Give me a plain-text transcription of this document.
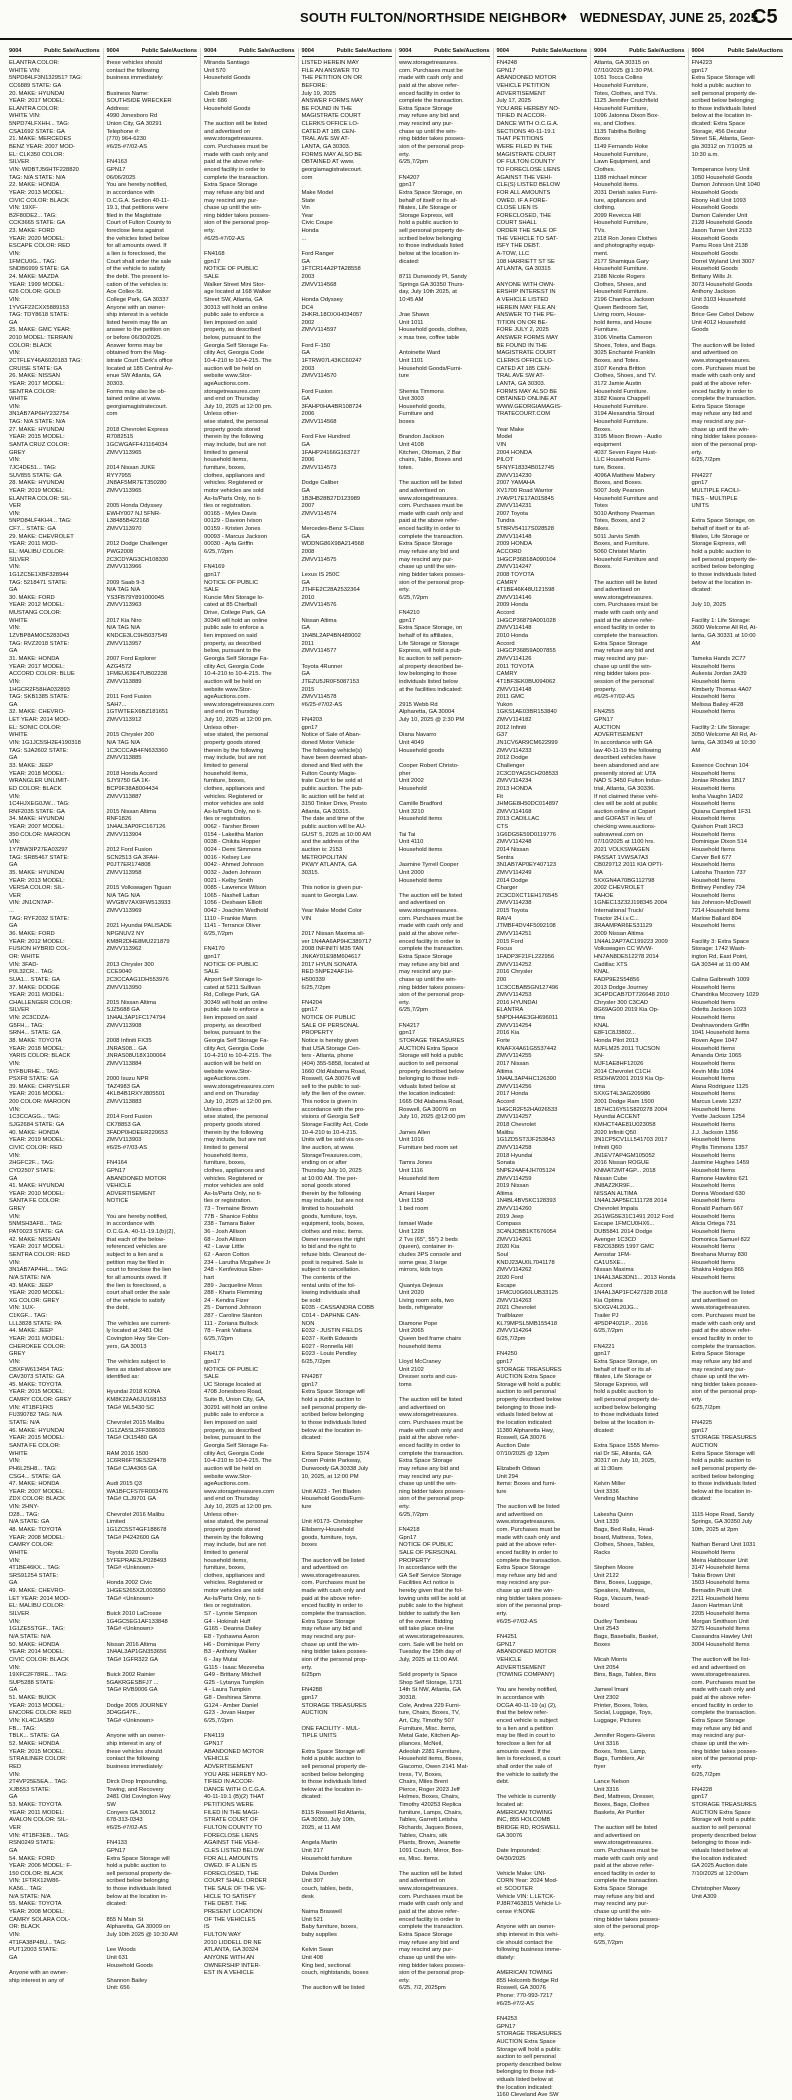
SOUTH FULTON/NORTHSIDE NEIGHBOR ♦ WEDNESDAY, JUNE 25, 2025
C5
9004	Public Sale/Auctions
ELANTRA COLOR:
WHITE VIN:
5NPD84LF3N132951? TAG:
CC6889 STATE: GA
20. MAKE: HYUNDAI
YEAR: 2017 MODEL:
ELANTRA COLOR:
WHITE VIN:
5NPD74LFXHH... TAG:
CSA1692 STATE: GA
21. MAKE: MERCEDES
BENZ YEAR: 2007 MOD-
EL: CLK350 COLOR:
SILVER
VIN: WDBTJ56HTF228820
TAG: N/A STATE: N/A
22. MAKE: HONDA
YEAR: 2013 MODEL:
CIVIC COLOR: BLACK
VIN: 19XF-
B2F80DE2... TAG:
CCK3665 STATE: GA
23. MAKE: FORD
YEAR: 2020 MODEL:
ESCAPE COLOR: RED
VIN:
1FMCU0G... TAG:
SNDB6999 STATE: GA
24. MAKE: MAZDA
YEAR: 1999 MODEL:
626 COLOR: GOLD
VIN:
1YVGF22CXX5889153
TAG: TDY8618 STATE:
GA
25. MAKE: GMC YEAR:
2010 MODEL: TERRAIN
COLOR: BLACK
VIN:
2CTFLEY46A6020183 TAG:
CRUISE STATE: GA
26. MAKE: NISSAN
YEAR: 2017 MODEL:
SENTRA COLOR:
WHITE
VIN:
3N1AB7AP6HY232754
TAG: N/A STATE: N/A
27. MAKE: HYUNDAI
YEAR: 2015 MODEL:
SANTA CRUZ COLOR:
GREY
VIN:
7JC4DE51... TAG:
SUV855 STATE: GA
28. MAKE: HYUNDAI
YEAR: 2019 MODEL:
ELANTRA COLOR: SIL-
VER
VIN:
5NPD84LF4KH4... TAG:
CF7... STATE: GA
29. MAKE: CHEVROLET
YEAR: 2011 MOD-
EL: MALIBU COLOR:
SILVER
VIN:
1G1ZC5E1XBF328944
TAG: 5218471 STATE:
GA
30. MAKE: FORD
YEAR: 2012 MODEL:
MUSTANG COLOR:
WHITE
VIN:
1ZVBP8AM0C5283043
TAG: RVZ2018 STATE:
GA
31. MAKE: HONDA
YEAR: 2017 MODEL:
ACCORD COLOR: BLUE
VIN:
1HGCR2F58HA032893
TAG: SKB1385 STATE:
GA
32. MAKE: CHEVRO-
LET YEAR: 2014 MOD-
EL: SONIC COLOR:
WHITE
VIN: 1G1JC5SH2E4190318
TAG: SJA2602 STATE:
GA
33. MAKE: JEEP
YEAR: 2018 MODEL:
WRANGLER UNLIMIT-
ED COLOR: BLACK
VIN:
1C4HJXEG0JW... TAG:
RNF2035 STATE: GA
34. MAKE: HYUNDAI
YEAR: 2007 MODEL:
350 COLOR: MAROON
VIN:
1Y7BW3IP27EA03297
TAG: SR85467 STATE:
GA
35. MAKE: HYUNDAI
YEAR: 2013 MODEL:
VERSA COLOR: SIL-
VER
VIN: JN1CN7AP-
...
TAG: RYF2032 STATE:
GA
36. MAKE: FORD
YEAR: 2012 MODEL:
FUSION HYBRID COL-
OR: WHITE
VIN: 3FAD-
P0L32CR... TAG:
SUA1... STATE: GA
37. MAKE: DODGE
YEAR: 2011 MODEL:
CHALLENGER COLOR:
SILVER
VIN: 2C3CDZA-
G5FH... TAG:
SRN4... STATE: GA
38. MAKE: TOYOTA
YEAR: 2018 MODEL:
YARIS COLOR: BLACK
VIN:
5YFBURHE... TAG:
PSXF8 STATE: GA
39. MAKE: CHRYSLER
YEAR: 2016 MODEL:
200 COLOR: MAROON
VIN:
1C3CCAGG... TAG:
SJG2684 STATE: GA
40. MAKE: HONDA
YEAR: 2019 MODEL:
CIVIC COLOR: RED
VIN:
2HGFC2F... TAG:
CYD2507 STATE:
GA
41. MAKE: HYUNDAI
YEAR: 2010 MODEL:
SANTA FE COLOR:
GREY
VIN:
5NMSH3AF8... TAG:
PAT0023 STATE: GA
42. MAKE: NISSAN
YEAR: 2017 MODEL:
SENTRA COLOR: RED
VIN:
3N1AB7AP4HL... TAG:
N/A STATE: N/A
43. MAKE: JEEP
YEAR: 2020 MODEL:
XG COLOR: GREY
VIN: 1UX-
C1KGF... TAG:
LLL3828 STATE: PA
44. MAKE: JEEP
YEAR: 2011 MODEL:
CHEROKEE COLOR:
GREY
VIN:
CBXFW613454 TAG:
CAV3073 STATE: GA
45. MAKE: TOYOTA
YEAR: 2015 MODEL:
CAMRY COLOR: GREY
VIN: 4T1BF1FK5
FU390782 TAG: N/A
STATE: N/A
46. MAKE: HYUNDAI
YEAR: 2015 MODEL:
SANTA FE COLOR:
WHITE
VIN:
PH6L25H8... TAG:
CSG4... STATE: GA
47. MAKE: HONDA
YEAR: 2007 MODEL:
ZDX COLOR: BLACK
VIN: 2HNY-
D28... TAG:
N/A STATE: GA
48. MAKE: TOYOTA
YEAR: 2008 MODEL:
CAMRY COLOR:
WHITE
VIN:
4T1BE46KX... TAG:
SRS91254 STATE:
GA
49. MAKE: CHEVRO-
LET YEAR: 2014 MOD-
EL: MALIBU COLOR:
SILVER
VIN:
1G1ZE5STGF... TAG:
N/A STATE: N/A
50. MAKE: HONDA
YEAR: 2014 MODEL:
CIVIC COLOR: BLACK
VIN:
19XFC2F78RE... TAG:
SUP5288 STATE:
GA
51. MAKE: BUICK
YEAR: 2013 MODEL:
ENCORE COLOR: RED
VIN: KL4CJASB9
FB... TAG:
TBLK... STATE: GA
52. MAKE: HONDA
YEAR: 2015 MODEL:
STRAILINER COLOR:
RED
VIN:
2T4VP25E5EA... TAG:
XJB553 STATE:
GA
53. MAKE: TOYOTA
YEAR: 2011 MODEL:
AVALON COLOR: SIL-
VER
VIN: 4T1BF3EB... TAG:
RSN0249 STATE:
GA
54. MAKE: FORD
YEAR: 2006 MODEL: F-
150 COLOR: BLACK
VIN: 1FTRX12W86-
KA56... TAG:
N/A STATE: N/A
55. MAKE: TOYOTA
YEAR: 2008 MODEL:
CAMRY SOLARA COL-
OR: BLACK
VIN:
4T1FA38P48U... TAG:
PUT12003 STATE:
GA

Anyone with an owner-
ship interest in any of
9004	Public Sale/Auctions
these vehicles should
contact the following
business immediately:

Business Name:
SOUTHSIDE WRECKER
Address:
4990 Jonesboro Rd
Union City, GA 30291
Telephone #:
(770) 964-6230
#6/25-#7/02-AS

FN4163
GPN17
06/06/2025
You are hereby notified,
in accordance with
O.C.G.A. Section 40-11-
19.1, that petitions were
filed in the Magistrate
Court of Fulton County to
foreclose liens against
the vehicles listed below
for all amounts owed. If
a lien is foreclosed, the
Court shall order the sale
of the vehicle to satisfy
the debt. The present lo-
cation of the vehicles is:
Ace Collex-St.
College Park, GA 30337
Anyone with an owner-
ship interest in a vehicle
listed herein may file an
answer to the petition on
or before 06/30/2025.
Answer forms may be
obtained from the Mag-
istrate Court Clerk's office
located at 185 Central Av-
enue SW Atlanta, GA
30303.
Forms may also be ob-
tained online at www.
georgiamagistratecourt.
com

2018 Chevrolet Express
R7082515
1GCWGAFF4J1164034
ZMVV113965

2014 Nissan JUKE
RYY7955
JN8AF5MR7ET350280
ZMVV113965

2005 Honda Odyssey
EWHY007 NJ 5FNR-
L38485B422168
ZMVV113970

2012 Dodge Challenger
PWG2008
2C3CDYAG3CH108330
ZMVV113966

2009 Saab 9-3
N/A TAG N/A
YS3FB79Y891000045
ZMVV113963

2017 Kia Niro
N/A TAG N/A
KNDCE3LC9H5037549
ZMVV113957

2007 Ford Explorer
AZG4572
1FMEU63E47UB02238
ZMVV113889

2011 Ford Fusion
SAH7...
1GTWTEEX6BZ181651
ZMVV113912

2015 Chrysler 200
N/A TAG N/A
1C3CCCAB4FN633360
ZMVV113885

2018 Honda Accord
SJY9750 GA 1K-
BCP9F38A8004434
ZMVV113887

2015 Nissan Altima
RNF1826
1N4AL3AP0FC167126
ZMVV113904

2012 Ford Fusion
SCN2513 GA 3FAH-
P0JT7ER174808
ZMVV113958

2015 Volkswagen Tiguan
N/A TAG N/A
WVGBV7AX9FW513933
ZMVV113969

2021 Hyundai PALISADE
NPGNUV2 NY
KM8R2DHE8MU221879
ZMVV113962

2013 Chrysler 300
CCE9040
2C3CCAAG1DH553976
ZMVV113950

2015 Nissan Altima
SJZ5688 GA
1N4AL3AP1FC174794
ZMVV113908

2008 Infiniti FX35
JNRAS08... GA
JNRAS08U18X100064
ZMVV113884

2000 Isuzu NPR
TAZ4983 GA
4KLB4B1RXYJ805501
ZMVV113883

2014 Ford Fusion
CK78853 GA
3FADP0HDEER220653
ZMVV113903
#6/25-#7/03-AS

FN4164
GPN17
ABANDONED MOTOR
VEHICLE
ADVERTISEMENT
NOTICE

You are hereby notified,
in accordance with
O.C.G.A. 40-11-19.1(b)(2),
that each of the below-
referenced vehicles are
subject to a lien and a
petition may be filed in
court to foreclose the lien
for all amounts owed. If
the lien is foreclosed, a
court shall order the sale
of the vehicle to satisfy
the debt.

The vehicles are current-
ly located at 2481 Old
Covington Hwy Ste Con-
yers, GA 30013

The vehicles subject to
liens as stated above are
identified as:

Hyundai 2018 KONA
KM8K22AA6JU168153
TAG# WL5430 SC

Chevrolet 2015 Malibu
1G1ZA5SL2FF308603
TAG# CK15480 GA

RAM 2016 1500
1C6RR6FT9ES329478
TAG# CJA4365 GA

Audi 2015 Q3
WA1BFCFS7FR003476
TAG# CLJ9701 GA

Chevrolet 2016 Malibu
Limited
1G1ZC5ST4GF188678
TAG# P4242600 GA

Toyota 2020 Corolla
5YFEPRAE3LP028493
TAG# <Unknown>

Honda 2002 Civic
1HGES265X2L003950
TAG# <Unknown>

Buick 2010 LaCrosse
1G4GC5EG1AF133848
TAG# <Unknown>

Nissan 2016 Altima
1N4AL3AP1GN353656
TAG# 1GFR322 GA

Buick 2002 Rainier
5GAKRGESBFJ7 ...
TAG# RVB9006 GA

Dodge 2005 JOURNEY
3D4GG47F...
TAG# <Unknown>

Anyone with an owner-
ship interest in any of
these vehicles should
contact the following
business immediately:

Dirck Drop Impounding,
Towing, and Recovery
2481 Old Covington Hwy
SW
Conyers GA 30012
678-313-0343
#6/25-#7/02-AS

FN4133
GPN17
Extra Space Storage will
hold a public auction to
sell personal property de-
scribed below belonging
to those individuals listed
below at the location in-
dicated:

855 N Main St
Alpharetta, GA 30009 on
July 10th 2025 @ 10:30 AM

Lee Woods
Unit 631
Household Goods

Shannon Bailey
Unit: 656
9004	Public Sale/Auctions
Miranda Santiago
Unit 570
Household Goods

Caleb Brown
Unit: 686
Household Goods

The auction will be listed
and advertised on
www.storagetreasures.
com. Purchases must be
made with cash only and
paid at the above refer-
enced facility in order to
complete the transaction.
Extra Space Storage
may refuse any bid and
may rescind any pur-
chase up until the win-
ning bidder takes posses-
sion of the personal prop-
erty.
#6/25-#7/02-AS

FN4168
gpn17
NOTICE OF PUBLIC
SALE
Walker Street Mini Stor-
age located at 168 Walker
Street SW, Atlanta, GA
30313 will hold an online
public sale to enforce a
lien imposed on said
property, as described
below, pursuant to the
Georgia Self Storage Fa-
cility Act, Georgia Code
10-4-210 to 10-4-215. The
auction will be held on
website www.Stor-
ageAuctions.com.
storagetreasures.com
and end on Thursday
July 10, 2025 at 12:00 pm.
Unless other-
wise stated, the personal
property goods stored
therein by the following
may include, but are not
limited to general
household items,
furniture, boxes,
clothes, appliances and
vehicles. Registered or
motor vehicles are sold
As-Is/Parts Only, no ti-
tles or registration.
00165 - Myles Davis
00129 - Daveon Ivison
00159 - Kristen Jones
00093 - Marcus Jackson
00030 - Ayla Griffin
6/25,7/2pm

FN4169
gpn17
NOTICE OF PUBLIC
SALE
Kuncie Mini Storage lo-
cated at 85 Chiefball
Drive, College Park, GA
30349 will hold an online
public sale to enforce a
lien imposed on said
property, as described
below, pursuant to the
Georgia Self Storage Fa-
cility Act, Georgia Code
10-4-210 to 10-4-215. The
auction will be held on
website www.Stor-
ageAuctions.com.
www.storagetreasures.com
and end on Thursday
July 10, 2025 at 12:00 pm.
Unless other-
wise stated, the personal
property goods stored
therein by the following
may include, but are not
limited to general
household items,
furniture, boxes,
clothes, appliances and
vehicles. Registered or
motor vehicles are sold
As-Is/Parts Only, no ti-
tles or registration.
0062 - Tarsher Brown
0154 - Lakeitha Marion
0038 - Chikita Hopper
0024 - Demi Simmons
0016 - Kelsey Lee
0042 - Ahmed Johnson
0032 - Jaden Johnson
0021 - Kelby Smith
0085 - Lawrence Wilson
1065 - Nashell Lattan
1056 - Deshawn Elliott
0042 - Joachim Wedhold
1110 - Frankie Mann
1141 - Terrance Oliver
6/25,7/2pm

FN4170
gpn17
NOTICE OF PUBLIC
SALE
Airport Self Storage lo-
cated at 5211 Sullivan
Rd, College Park, GA
30349 will hold an online
public sale to enforce a
lien imposed on said
property, as described
below, pursuant to the
Georgia Self Storage Fa-
cility Act, Georgia Code
10-4-210 to 10-4-215. The
auction will be held on
website www.Stor-
ageAuctions.com.
www.storagetreasures.com
and end on Thursday
July 10, 2025 at 12:00 pm.
Unless other-
wise stated, the personal
property goods stored
therein by the following
may include, but are not
limited to general
household items,
furniture, boxes,
clothes, appliances and
vehicles. Registered or
motor vehicles are sold
As-Is/Parts Only, no ti-
tles or registration.
73 - Tremaine Brown
77B - Shanice Fobbs
238 - Tamara Baker
36 - Josh Allison
68 - Josh Allison
42 - Lavar Little
62 - Aaron Cotton
234 - Larutha Mcgahee Jr
248 - Kenfevious Eber-
hart
289 - Jacqueline Moss
288 - Kharis Flemming
24 - Kendra Fizer
25 - Damond Johnson
287 - Caroline Stanton
111 - Zoriana Bullock
78 - Frank Vattana
6/25,7/2pm

FN4171
gpn17
NOTICE OF PUBLIC
SALE
UC Storage located at
4708 Jonesboro Road,
Suite B, Union City, GA,
30291 will hold an online
public sale to enforce a
lien imposed on said
property, as described
below, pursuant to the
Georgia Self Storage Fa-
cility Act, Georgia Code
10-4-210 to 10-4-215. The
auction will be held on
website www.Stor-
ageAuctions.com.
www.storagetreasures.com
and end on Thursday
July 10, 2025 at 12:00 pm.
Unless other-
wise stated, the personal
property goods stored
therein by the following
may include, but are not
limited to general
household items,
furniture, boxes,
clothes, appliances and
vehicles. Registered or
motor vehicles are sold
As-Is/Parts Only, no ti-
tles or registration.
S7 - Lynnie Simpson
G4 - Hokinah Huff
G165 - Deanna Dailey
E8 - Tyshawna Aaron
H6 - Dominique Perry
B3 - Anthony Walker
6 - Jay Mutai
G115 - Isaac Mezereba
G49 - Brittany Mitchell
G25 - Lytanya Tumpkin
4 - Laura Tumpkin
G8 - Deshinea Simms
G124 - Amber Daniel
G23 - Jovan Harper
6/25,7/2pm

FN4119
GPN17
ABANDONED MOTOR
VEHICLE
ADVERTISEMENT
YOU ARE HEREBY NO-
TIFIED IN ACCOR-
DANCE WITH O.C.G.A.
40-11-19.1 (B)(2) THAT
PETITIONS WERE
FILED IN THE MAGI-
STRATE COURT OF
FULTON COUNTY TO
FORECLOSE LIENS
AGAINST THE VEHI-
CLES LISTED BELOW
FOR ALL AMOUNTS
OWED. IF A LIEN IS
FORECLOSED, THE
COURT SHALL ORDER
THE SALE OF THE VE-
HICLE TO SATISFY
THE DEBT. THE
PRESENT LOCATION
OF THE VEHICLES
IS
FULTON WAY
2010 LIDDELL DR NE
ATLANTA, GA 30324
ANYONE WITH AN
OWNERSHIP INTER-
EST IN A VEHICLE
9004	Public Sale/Auctions
LISTED HEREIN MAY
FILE AN ANSWER TO
THE PETITION ON OR
BEFORE:
July 19, 2025
ANSWER FORMS MAY
BE FOUND IN THE
MAGISTRATE COURT
CLERKS OFFICE LO-
CATED AT 185 CEN-
TRAL AVE SW AT-
LANTA, GA 30303.
FORMS MAY ALSO BE
OBTAINED AT www.
georgiamagistratecourt.
com

Make Model
State
Vin
Year
Civic Coupe
Honda
...

Ford Ranger
GA
1FTCR14A2PTA28558
2003
ZMVV114568

Honda Odyssey
DC4
2HKRL18OXXH034057
2002
ZMVV114597

Ford F-150
GA
1FTRW07L43KC60247
2003
ZMVV114570

Ford Fusion
GA
3FAHP0HA4BR108724
2006
ZMVV114568

Ford Five Hundred
GA
1FAHP24166G163727
2006
ZMVV114573

Dodge Caliber
GA
1B3HB28B27D123989
2007
ZMVV114574

Mercedes-Benz S-Class
GA
WDDNG86X98A214568
2008
ZMVV114575

Lexus IS 250C
GA
JTHFE2C28A2532364
2010
ZMVV114576

Nissan Altima
GA
1N4BL2AP4BN489002
2011
ZMVV114577

Toyota 4Runner
GA
JTEZU5JR0F5087153
2015
ZMVV114578
#6/25-#7/02-AS

FN4203
gpn17
Notice of Sale of Aban-
doned Motor Vehicle
The following vehicle(s)
have been deemed aban-
doned and filed with the
Fulton County Magis-
trate Court to be sold at
public auction. The pub-
lic auction will be held at
3150 Tinker Drive, Presto
Atlanta, GA 30315.
The date and time of the
public auction will be AU-
GUST 5, 2025 at 10:00 AM
and the address of the
auction is: 2153
METROPOLITAN
PKWY ATLANTA, GA
30315.

This notice is given pur-
suant to Georgia Law.

Year Make Model Color
VIN

2017 Nissan Maxima sil-
ver 1N4AA6AP9HC389717
2008 INFINITI M35 TAN
JNKAY01E98M604617
2017 HYUN SONATA
RED 5NPE24AF1H-
H500339
6/25,7/2pm

FN4204
gpn17
NOTICE OF PUBLIC
SALE OF PERSONAL
PROPERTY
Notice is hereby given
that USA Storage Cen-
ters - Atlanta, phone
(404) 355-5858, located at
1660 Old Alabama Road,
Roswell, GA 30076 will
sell to the public to sat-
isfy the lien of the owner.
This notice is given in
accordance with the pro-
visions of Georgia Self
Storage Facility Act, Code
10-4-210 to 10-4-215.
Units will be sold via on-
line auction, at www.
StorageTreasures.com,
ending on or after
Thursday July 10, 2025
at 10:00 AM. The per-
sonal goods stored
therein by the following
may include, but are not
limited to household
goods, furniture, toys,
equipment, tools, boxes,
clothes and misc. items.
Owner reserves the right
to bid and the right to
refuse bids. Cleanout de-
posit is required. Sale is
subject to cancellation.
The contents of the
rental units of the fol-
lowing individuals shall
be sold:
E035 - CASSANDRA COBB
C014 - DAPHNE CAN-
NON
E032 - JUSTIN FIELDS
E037 - Keith Edwards
E027 - Ronnella Hill
E023 - Louis Pendley
6/25,7/2pm

FN4287
gpn17
Extra Space Storage will
hold a public auction to
sell personal property de-
scribed below belonging
to those individuals listed
below at the location in-
dicated:

Extra Space Storage 1574
Crown Pointe Parkway,
Dunwoody GA 30338 July
10, 2025, at 12:00 PM

Unit A023 - Teri Bladen
Household Goods/Furni-
ture

Unit #0173- Christopher
Ellsberry-Household
goods, furniture, toys,
boxes

The auction will be listed
and advertised on
www.storagetreasures.
com. Purchases must be
made with cash only and
paid at the above refer-
enced facility in order to
complete the transaction.
Extra Space Storage
may refuse any bid and
may rescind any pur-
chase up until the win-
ning bidder takes posses-
sion of the personal prop-
erty.
6/25pm

FN4288
gpn17
STORAGE TREASURES
AUCTION

ONE FACILITY - MUL-
TIPLE UNITS

Extra Space Storage will
hold a public auction to
sell personal property de-
scribed below belonging
to those individuals listed
below at the location in-
dicated:

8115 Roswell Rd Atlanta,
GA 30350, July 10th,
2025, at 11 AM

Angela Martin
Unit 217
Household furniture

Dalvia Durden
Unit 307
couch, tables, beds,
desk

Naima Braswell
Unit 521
Baby furniture, boxes,
baby supplies

Kelvin Swan
Unit 408
King bed, sectional
couch, nightstands, boxes

The auction will be listed
9004	Public Sale/Auctions
www.storagetreasures.
com. Purchases must be
made with cash only and
paid at the above refer-
enced facility in order to
complete the transaction.
Extra Space Storage
may refuse any bid and
may rescind any pur-
chase up until the win-
ning bidder takes posses-
sion of the personal prop-
erty.
6/25,7/2pm

FN4207
gpn17
Extra Space Storage, on
behalf of itself or its af-
filiates, Life Storage or
Storage Express, will
hold a public auction to
sell personal property de-
scribed below belonging
to those individuals listed
below at the location in-
dicated:

8711 Dunwoody Pl, Sandy
Springs GA 30350 Thurs-
day, July 10th 2025, at
10:45 AM

Jrae Shaws
Unit 1011
Household goods, clothes,
x mas tree, coffee table

Antoinette Ward
Unit 1101
Household Goods/Furni-
ture

Shemia Timmons
Unit 3003
Household goods,
Furniture and
boxes

Brandon Jackson
Unit 4108
Kitchen, Ottoman, 2 Bar
chairs, Table, Boxes and
totes.

The auction will be listed
and advertised on
www.storagetreasures.
com. Purchases must be
made with cash only and
paid at the above refer-
enced facility in order to
complete the transaction.
Extra Space Storage
may refuse any bid and
may rescind any pur-
chase up until the win-
ning bidder takes posses-
sion of the personal prop-
erty.
6/25,7/2pm

FN4210
gpn17
Extra Space Storage, on
behalf of its affiliates,
Life Storage or Storage
Express, will hold a pub-
lic auction to sell person-
al property described be-
low belonging to those
individuals listed below
at the facilities indicated:

2915 Webb Rd
Alpharetta, GA 30004
July 10, 2025 @ 2:30 PM

Diana Navarro
Unit 4049
Household goods

Cooper Robert Christo-
pher
Unit 2002
Household

Camille Bradford
Unit 3210
Household items

Tai Tai
Unit 4110
Household items

Jasmine Tyrrell Cooper
Unit 2000
Household items

The auction will be listed
and advertised on
www.storagetreasures.
com. Purchases must be
made with cash only and
paid at the above refer-
enced facility in order to
complete the transaction.
Extra Space Storage
may refuse any bid and
may rescind any pur-
chase up until the win-
ning bidder takes posses-
sion of the personal prop-
erty.
6/25,7/2pm

FN4217
gpn17
STORAGE TREASURES
AUCTION Extra Space
Storage will hold a public
auction to sell personal
property described below
belonging to those indi-
viduals listed below at
the location indicated:
1665 Old Alabama Road,
Roswell, GA 30076 on
July 10, 2025 @12:00 pm

James Allen
Unit 1016
Furniture bed room set

Tamra Jones
Unit 1116
Household item

Amani Harper
Unit 1158
1 bed room

Ismael Wade
Unit 1228
2 Tvs (65", 55") 2 beds
(queen), container in-
cludes 3PS console and
some gear, 3 large
mirrors, kids toys

Quaniya Dejesus
Unit 2020
Living room sofa, two
beds, refrigerator

Diamone Pope
Unit 2065
Queen bed frame chairs
household items

Lloyd McCraney
Unit 2102
Dresser sorts and cus-
toms

The auction will be listed
and advertised on
www.storagetreasures.
com. Purchases must be
made with cash only and
paid at the above refer-
enced facility in order to
complete the transaction.
Extra Space Storage
may refuse any bid and
may rescind any pur-
chase up until the win-
ning bidder takes posses-
sion of the personal prop-
erty.
6/25,7/2pm

FN4218
Gpn17
NOTICE OF PUBLIC
SALE OF PERSONAL
PROPERTY
In accordance with the
GA Self Service Storage
Facilities Act notice is
hereby given that the fol-
lowing units will be sold at
public sale to the highest
bidder to satisfy the lien
of the owner. Bidding
will take place on-line
at www.storagetreasures.
com. Sale will be held on
Tuesday the 15th day of
July, 2025 at 11:00 AM.

Sold property is Space
Shop Self Storage, 1731
14th St NW, Atlanta, GA
30318.
Cole, Andrea 229 Furni-
ture, Chairs, Boxes, TV,
Art, City, Timothy 507
Furniture, Misc. Items,
Metal Gate, Kitchen Ap-
pliances, McNeil,
Adeolah 2281 Furniture,
Household items, Boxes,
Giacomo, Owen 2141 Mat-
tress, TV, Boxes,
Chairs, Miles Brent
Pierce, Roger 2023 Jeff
Holmes, Boxes, Chairs,
Timothy 420253 Replica
furniture, Lamps, Chairs,
Tables, Garrett Letisha
Richards, Jaques Boxes,
Tables, Chairs, silk
Plants, Brown, Jeanette
1091 Couch, Mirror, Box-
es, Misc. Items.

The auction will be listed
and advertised on
www.storagetreasures.
com. Purchases must be
made with cash only and
paid at the above refer-
enced facility in order to
complete the transaction.
Extra Space Storage
may refuse any bid and
may rescind any pur-
chase up until the win-
ning bidder takes posses-
sion of the personal prop-
erty.
6/25, 7/2, 2025pm
9004	Public Sale/Auctions
FN4248
GPN17
ABANDONED MOTOR
VEHICLE PETITION
ADVERTISEMENT
July 17, 2025
YOU ARE HEREBY NO-
TIFIED IN ACCOR-
DANCE WITH O.C.G.A.
SECTIONS 40-11-19.1
THAT PETITIONS
WERE FILED IN THE
MAGISTRATE COURT
OF FULTON COUNTY
TO FORECLOSE LIENS
AGAINST THE VEHI-
CLE(S) LISTED BELOW
FOR ALL AMOUNTS
OWED. IF A FORE-
CLOSE LIEN IS
FORECLOSED, THE
COURT SHALL
ORDER THE SALE OF
THE VEHICLE TO SAT-
ISFY THE DEBT.
A-TOW, LLC
108 HARRIETT ST SE
ATLANTA, GA 30315

ANYONE WITH OWN-
ERSHIP INTEREST IN
A VEHICLE LISTED
HEREIN MAY FILE AN
ANSWER TO THE PE-
TITION ON OR BE-
FORE JULY 2, 2025
ANSWER FORMS MAY
BE FOUND IN THE
MAGISTRATE COURT
CLERKS OFFICE LO-
CATED AT 185 CEN-
TRAL AVE SW AT-
LANTA, GA 30303.
FORMS MAY ALSO BE
OBTAINED ONLINE AT
WWW.GEORGIAMAGIS-
TRATECOURT.COM

Year Make
Model
VIN
2004 HONDA
PILOT
5FNYF18334B012745
ZMVV114230
2007 YAMAHA
XV1700 Road Warrior
JYAVP17E17A015845
ZMVV114231
2007 Toyota
Tundra
5TBRV54117S028528
ZMVV114148
2009 HONDA
ACCORD
1HGCP36818A090104
ZMVV114247
2008 TOYOTA
CAMRY
4T1BE46K48U121598
ZMVV114146
2009 Honda
Accord
1HGCP36879A001028
ZMVV114148
2010 Honda
Accord
1HGCP36859A007855
ZMVV114126
2011 TOYOTA
CAMRY
4T1BF3EK0BU094062
ZMVV114148
2011 GMC
Yukon
1GKS1AE03BR153840
ZMVV114182
2012 Infiniti
G37
JN1CV6AR9CM622999
ZMVV114233
2012 Dodge
Challenger
2C3CDYAG5CH208533
ZMVV114234
2013 HONDA
Fit
JHMGE8H50DC014897
ZMVV114168
2013 CADILLAC
CTS
1G6DG5E59D0119776
ZMVV114248
2014 Nissan
Sentra
3N1AB7AP0EY407123
ZMVV114249
2014 Dodge
Charger
2C3CDXCT1EH176545
ZMVV114238
2015 Toyota
RAV4
JTMBF4DV4F5092108
ZMVV114251
2015 Ford
Focus
1FADP3F21FL222956
ZMVV114252
2016 Chrysler
200
1C3CCBAB5GN127496
ZMVV114253
2016 HYUNDAI
ELANTRA
5NPDH4AE3GH696011
ZMVV114254
2016 Kia
Forte
KNAFX4A61G5537442
ZMVV114255
2017 Nissan
Altima
1N4AL3AP4HC126390
ZMVV114256
2017 Honda
Accord
1HGCR2F52HA026533
ZMVV114257
2018 Chevrolet
Malibu
1G1ZD5ST3JF253843
ZMVV114258
2018 Hyundai
Sonata
5NPE24AF4JH705124
ZMVV114259
2019 Nissan
Altima
1N4BL4BV5KC128393
ZMVV114260
2019 Jeep
Compass
3C4NJCBB1KT676054
ZMVV114261
2020 Kia
Soul
KNDJ23AU0L7041178
ZMVV114262
2020 Ford
Escape
1FMCU0G60LUB33125
ZMVV114263
2021 Chevrolet
Trailblazer
KL79MPSL5MB155418
ZMVV114264
6/25,7/2pm

FN4250
gpn17
STORAGE TREASURES
AUCTION Extra Space
Storage will hold a public
auction to sell personal
property described below
belonging to those indi-
viduals listed below at
the location indicated:
11380 Alpharetta Hwy,
Roswell, GA 30076
Auction Date
07/10/2025 @ 12pm

Elizabeth Odwan
Unit 294
Items: Boxes and furni-
ture

The auction will be listed
and advertised on
www.storagetreasures.
com. Purchases must be
made with cash only and
paid at the above refer-
enced facility in order to
complete the transaction.
Extra Space Storage
may refuse any bid and
may rescind any pur-
chase up until the win-
ning bidder takes posses-
sion of the personal prop-
erty.
#6/25-#7/02-AS

FN4251
GPN17
ABANDONED MOTOR
VEHICLE
ADVERTISEMENT
(TOWING COMPANY)

You are hereby notified,
in accordance with
OCGA 40-11-19 (a) (2),
that the below refer-
enced vehicle is subject
to a lien and a petition
may be filed in court to
foreclose a lien for all
amounts owed. If the
lien is foreclosed, a court
shall order the sale of
the vehicle to satisfy the
debt.

The vehicle is currently
located at:
AMERICAN TOWING
INC, 855 HOLCOMB
BRIDGE RD, ROSWELL
GA 30076

Date Impounded:
04/30/2025

Vehicle Make: UNI-
CORN Year: 2024 Mod-
el: SCOOTER
Vehicle VIN: L.LETCK-
PJ8R7463815 Vehicle Li-
cense #:NONE

Anyone with an owner-
ship interest in this vehi-
cle should contact the
following business imme-
diately:

AMERICAN TOWING
855 Holcomb Bridge Rd
Roswell, GA 30076
Phone: 770-993-7217
#6/25-#7/2-AS

FN4253
GPN17
STORAGE TREASURES
AUCTION Extra Space
Storage will hold a public
auction to sell personal
property described below
belonging to those indi-
viduals listed below at
the location indicated:
1160 Cleveland Ave SW
9004	Public Sale/Auctions
Atlanta, GA 30315 on
07/10/2025 @1:30 PM.
1051 Tocca Collins
Household Furniture,
Totes, Clothes, and TVs.
1125 Jennifer Crutchfield
Household Furniture,
1096 Jatonna Dixon Box-
es, and Clothes.
1135 Tabitha Bolling
Boxes
1149 Fernando Hoke
Household Furniture,
Lawn Equipment, and
Clothes.
1188 michael mincer
Household items.
2031 Deriah sales Furni-
ture, appliances and
clothing.
2099 Revecca Hill
Household Furniture,
TVs.
2118 Ron Jones Clothes
and photography equip-
ment.
2177 Shamiqua Gary
Household Furniture.
2188 Nicole Rogers
Clothes, Shoes, and
Household Furniture.
2196 Chantica Jackson
Queen Bedroom Set,
Living room, House-
hold items, and House
Furniture.
3106 Vinetta Cameron
Shoes, Totes, and Bags.
3025 Enchanté Franklin
Boxes, and Totes.
3107 Kendra Britton
Clothes, Shoes, and TV.
3172 Jamie Austin
Household Furniture.
3182 Kiaora Chappell
Household Furniture.
3194 Alexandria Stroud
Household Furniture.
Boxes.
3195 Mison Brown - Audio
equipment
4037 Seven Fayre Hust-
LLC Household Furni-
ture, Boxes.
4096A Matthew Mabery
Boxes, and Boxes.
5007 Jody Pearson
Household Furniture and
Totes
5010 Anthony Pearman
Totes, Boxes, and 2
Bikes.
5011 Jarvis Smith
Boxes, and Furniture.
5060 Christel Martin
Household Furniture and
Boxes.

The auction will be listed
and advertised on
www.storagetreasures.
com. Purchases must be
made with cash only and
paid at the above refer-
enced facility in order to
complete the transaction.
Extra Space Storage
may refuse any bid and
may rescind any pur-
chase up until the win-
ning bidder takes pos-
session of the personal
property.
#6/25-#7/02-AS

FN4255
GPN17
AUCTION
ADVERTISEMENT
In accordance with GA
law 40-11-19 the following
described vehicles have
been abandoned and are
presently stored at: UTA
NAD S 3450 Fulton Indus-
trial, Atlanta, GA 30336.
If not claimed these vehi-
cles will be sold at public
auction online at Copart
and GOFAST in lieu of
checking www.auctions-
sabrawreal.com on
07/10/2025 at 1100 hrs.
2021 VOLKSWAGEN
PASSAT 1VWSA7A3
CB029712 2011 KIA OPTI-
MA
5XXGN4A70BG112798
2002 CHEVROLET
TAHOE
1GNEC13Z32J198345 2004
International Truck/
Tractor 2H.i.v.C...
3RAAMPAR6ES31129
2009 Nissan Altima
1N4AL2AP7AC199223 2009
Volkswagen CC WVW-
HN7AN8DE512278 2014
Cadillac XTS
KNAL
FADP9E2S54856
2013 Dodge Journey
3C4PDCAB7DT726648 2010
Chrysler 300 C3CAD
8G69AG00 2019 Kia Op-
tima
KNAL
E8F1C8J3802...
Honda Pilot 2013
MJFLM25 2011 TUCSON
SN-
MJF1AE8HF12026
2014 Chevrolet C1CH
RSDHW2001 2019 Kia Op-
tima
5XXGT4L3AG209986
2001 Dodge Ram 1500
1B7HC16Y51S820278 2004
Hyundai ACCENT
KMHCT4AE81U023058
2020 Infiniti Q50
3N1CP5CV1LL541703 2017
Infiniti Q60
JN1EV7AP4GM105052
2016 Nissan ROGUE
KNMAT2MT4GP... 2018
Nissan Cube
JN8AZ2KR9F...
NISSAN ALTIMA
1N4AL3AP5EC111728 2014
Chevrolet Impala
2G1WG5E31C1491 2012 Ford
Escape 1FMCU0HX6...
DUB5841 2014 Dodge
Avenger 1C3CD
F82C63865 1997 GMC
Aerostar 1FM-
CA1U5XE...
Nissan Maxima
1N4AL3AE3DN1... 2013 Honda
Accord
1N4AL3AP1FC427328 2018
Kia Optima
5XXGV4L20JG...
Trailer PJ
4P5DP4021P... 2016
6/25,7/2pm

FN4221
gpn17
Extra Space Storage, on
behalf of itself or its af-
filiates, Life Storage or
Storage Express, will
hold a public auction to
sell personal property de-
scribed below belonging
to those individuals listed
below at the location in-
dicated:

Extra Space 1555 Memo-
rial Dr SE, Atlanta, GA
30317 on July 10, 2025,
at 11:30am

Kelvin Miller
Unit 3336
Vending Machine

Lakesha Quinn
Unit 1339
Bags, Bed Rails, Head-
board, Mattress, Totes,
Clothes, Shoes, Tables,
Racks

Stephen Moore
Unit 2122
Bins, Boxes, Luggage,
Speakers, Mattress,
Rugs, Vacuum, head-
board

Dudley Tambeau
Unit 2543
Bags, Baseballs, Basket,
Boxes

Micah Morris
Unit 2054
Bins, Bags, Tables, Bins

Jameel Imani
Unit 2302
Printer, Boxes, Totes,
Social, Luggage, Toys,
Luggage, Pictures

Jennifer Rogers-Givens
Unit 3316
Boxes, Totes, Lamp,
Bags, Tumblers, Air
fryer

Lance Nelson
Unit 3316
Bed, Mattress, Dresser,
Boxes, Bags, Clothes
Baskets, Air Purifier

The auction will be listed
and advertised on
www.storagetreasures.
com. Purchases must be
made with cash only and
paid at the above refer-
enced facility in order to
complete the transaction.
Extra Space Storage
may refuse any bid and
may rescind any pur-
chase up until the win-
ning bidder takes posses-
sion of the personal prop-
erty.
6/25,7/2pm
9004	Public Sale/Auctions
FN4223
gpn17
Extra Space Storage will
hold a public auction to
sell personal property de-
scribed below belonging
to those individuals listed
below at the location in-
dicated: Extra Space
Storage, 456 Decatur
Street SE, Atlanta, Geor-
gia 30312 on 7/10/25 at
10:30 a.m.

Temperance Ivory Unit
1050 Household Goods
Damon Johnson Unit 1040
Household Goods
Ebony Hull Unit 1093
Household Goods
Damon Calender Unit
2128 Household Goods
Jason Turner Unit 2133
Household Goods
Pamu Ross Unit 2138
Household Goods
Dorrel Wyland Unit 3007
Household Goods
Brittany Wills Jr.
3073 Household Goods
Anthony Jackson
Unit 3103 Household
Goods
Brice Gee Cebol Debow
Unit 4012 Household
Goods

The auction will be listed
and advertised on
www.storagetreasures.
com. Purchases must be
made with cash only and
paid at the above refer-
enced facility in order to
complete the transaction.
Extra Space Storage
may refuse any bid and
may rescind any pur-
chase up until the win-
ning bidder takes posses-
sion of the personal prop-
erty.
6/25,7/2pm

FN4227
gpn17
MULTIPLE FACILI-
TIES - MULTIPLE
UNITS

Extra Space Storage, on
behalf of itself or its af-
filiates, Life Storage or
Storage Express, will
hold a public auction to
sell personal property de-
scribed below belonging
to those individuals listed
below at the location in-
dicated:

July 10, 2025

Facility 1: Life Storage:
3600 Welcome All Rd, At-
lanta, GA 30331 at 10:00
AM

Tameka Hands 2C77
Household Items
Aukesia Jordan 2A39
Household Items
Kimberly Thomas 4A07
Household Items
Melissa Bailey 4F28
Household Items

Facility 2: Life Storage:
3050 Welcome All Rd, At-
lanta, GA 30349 at 10:30
AM

Essence Cochran 104
Household Items
Joniae Rhodes 1B17
Household Items
Iesha Vaughn 1AD2
Household Items
Quiana Campbell 1F31
Household Items
Quishon Pratt 1RC3
Household Items
Dominique Dixon 514
Household Items
Carver Bell 677
Household Items
Latosha Thaxton 737
Household Items
Brittney Pendley 734
Household Items
Isis Johnson-McDowell
7214 Household Items
Marlow Ballard 804
Household Items

Facility 3: Extra Space
Storage: 1742 Wash-
ington Rd, East Point,
GA 30344 at 11:00 AM

Calina Galbreath 1009
Household Items
Chandrika Mccovery 1029
Household Items
Odetta Jackson 1023
Household Items
Deahnavonders Griffin
1041 Household Items
Roven Agee 1047
Household Items
Amanda Ortiz 1065
Household Items
Kevin Mills 1084
Household Items
Alana Rodriguez 1125
Household Items
Marcus Lewis 1237
Household Items
Yvette Jackson 1254
Household Items
J.J. Jackson 1356
Household Items
Phyllis Timmons 1357
Household Items
Jasmine Hughes 1459
Household Items
Ramone Hawkins 621
Household Items
Donna Woodard 630
Household Items
Ronald Parham 667
Household Items
Alicia Ortega 731
Household Items
Domonica Samuel 822
Household Items
Breshana Murray 830
Household Items
Shakira Hodges 865
Household Items

The auction will be listed
and advertised on
www.storagetreasures.
com. Purchases must be
made with cash only and
paid at the above refer-
enced facility in order to
complete the transaction.
Extra Space Storage
may refuse any bid and
may rescind any pur-
chase up until the win-
ning bidder takes posses-
sion of the personal prop-
erty.
6/25,7/2pm

FN4225
gpn17
STORAGE TREASURES
AUCTION
Extra Space Storage will
hold a public auction to
sell personal property de-
scribed below belonging
to those individuals listed
below at the location in-
dicated:

1115 Hope Road, Sandy
Springs, GA 30350 July
10th, 2025 at 2pm

Nathan Berard Unit 1031
Household Items
Meira Habbouser Unit
3147 Household Items
Takia Brown Unit
1503 Household Items
Bernadin Pruitt Unit
2211 Household Items
Jason Hartman Unit
2205 Household Items
Morgan Smithson Unit
3275 Household Items
Cassandra Hawley Unit
3004 Household Items

The auction will be list-
ed and advertised on
www.storagetreasures.
com. Purchases must be
made with cash only and
paid at the above refer-
enced facility in order to
complete the transaction.
Extra Space Storage
may refuse any bid and
may rescind any pur-
chase up until the win-
ning bidder takes posses-
sion of the personal prop-
erty.
6/25,7/2pm

FN4228
gpn17
STORAGE TREASURES
AUCTION Extra Space
Storage will hold a public
auction to sell personal
property described below
belonging to those indi-
viduals listed below at
the location indicated:
GA 2025 Auction date
7/10/2025 at 12:00am

Christopher Maxey
Unit A309
